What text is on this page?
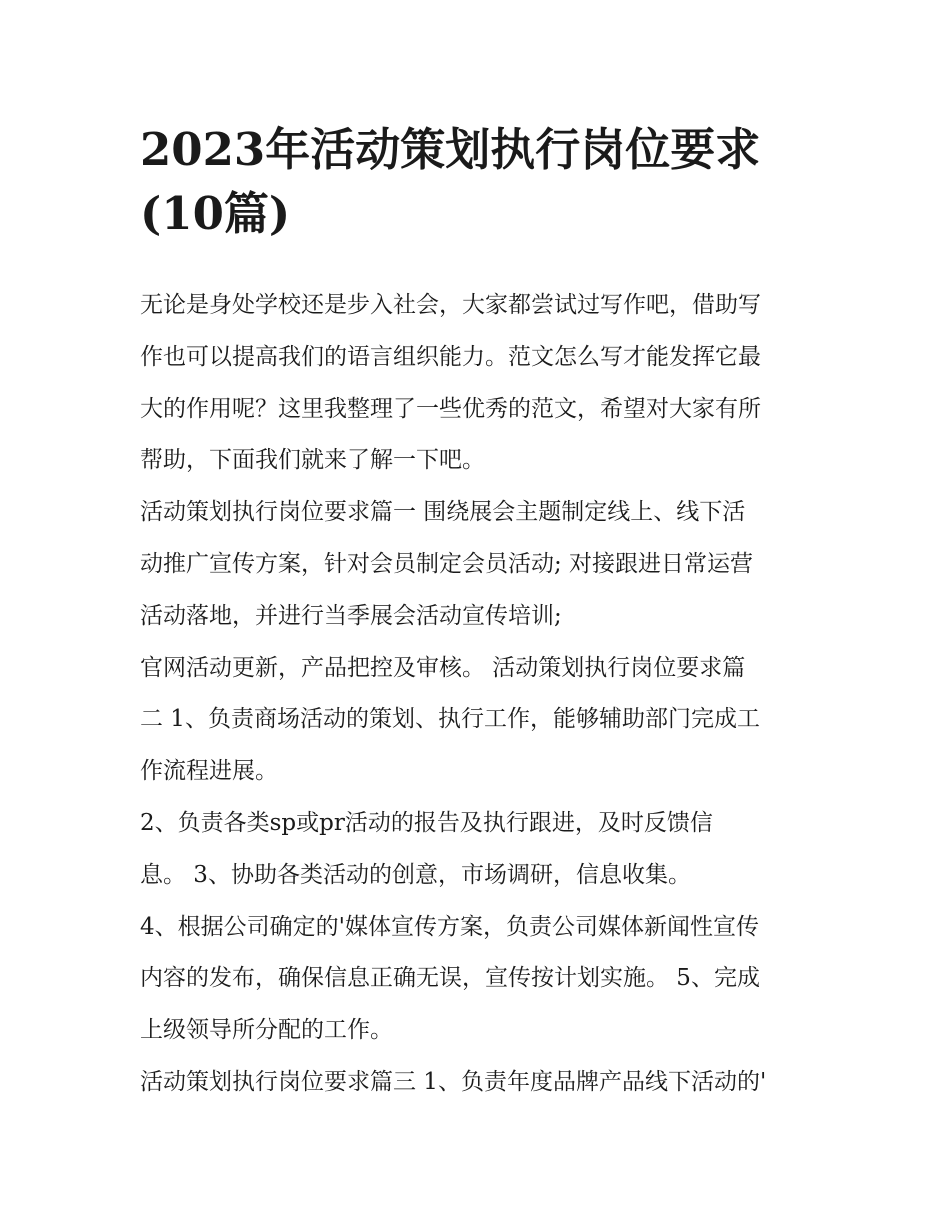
2023年活动策划执行岗位要求
(10篇)
无论是身处学校还是步入社会，大家都尝试过写作吧，借助写
作也可以提高我们的语言组织能力。范文怎么写才能发挥它最
大的作用呢？这里我整理了一些优秀的范文，希望对大家有所
帮助，下面我们就来了解一下吧。
活动策划执行岗位要求篇一 围绕展会主题制定线上、线下活
动推广宣传方案，针对会员制定会员活动; 对接跟进日常运营
活动落地，并进行当季展会活动宣传培训;
官网活动更新，产品把控及审核。 活动策划执行岗位要求篇
二 1、负责商场活动的策划、执行工作，能够辅助部门完成工
作流程进展。
2、负责各类sp或pr活动的报告及执行跟进，及时反馈信
息。 3、协助各类活动的创意，市场调研，信息收集。
4、根据公司确定的'媒体宣传方案，负责公司媒体新闻性宣传
内容的发布，确保信息正确无误，宣传按计划实施。 5、完成
上级领导所分配的工作。
活动策划执行岗位要求篇三 1、负责年度品牌产品线下活动的'
